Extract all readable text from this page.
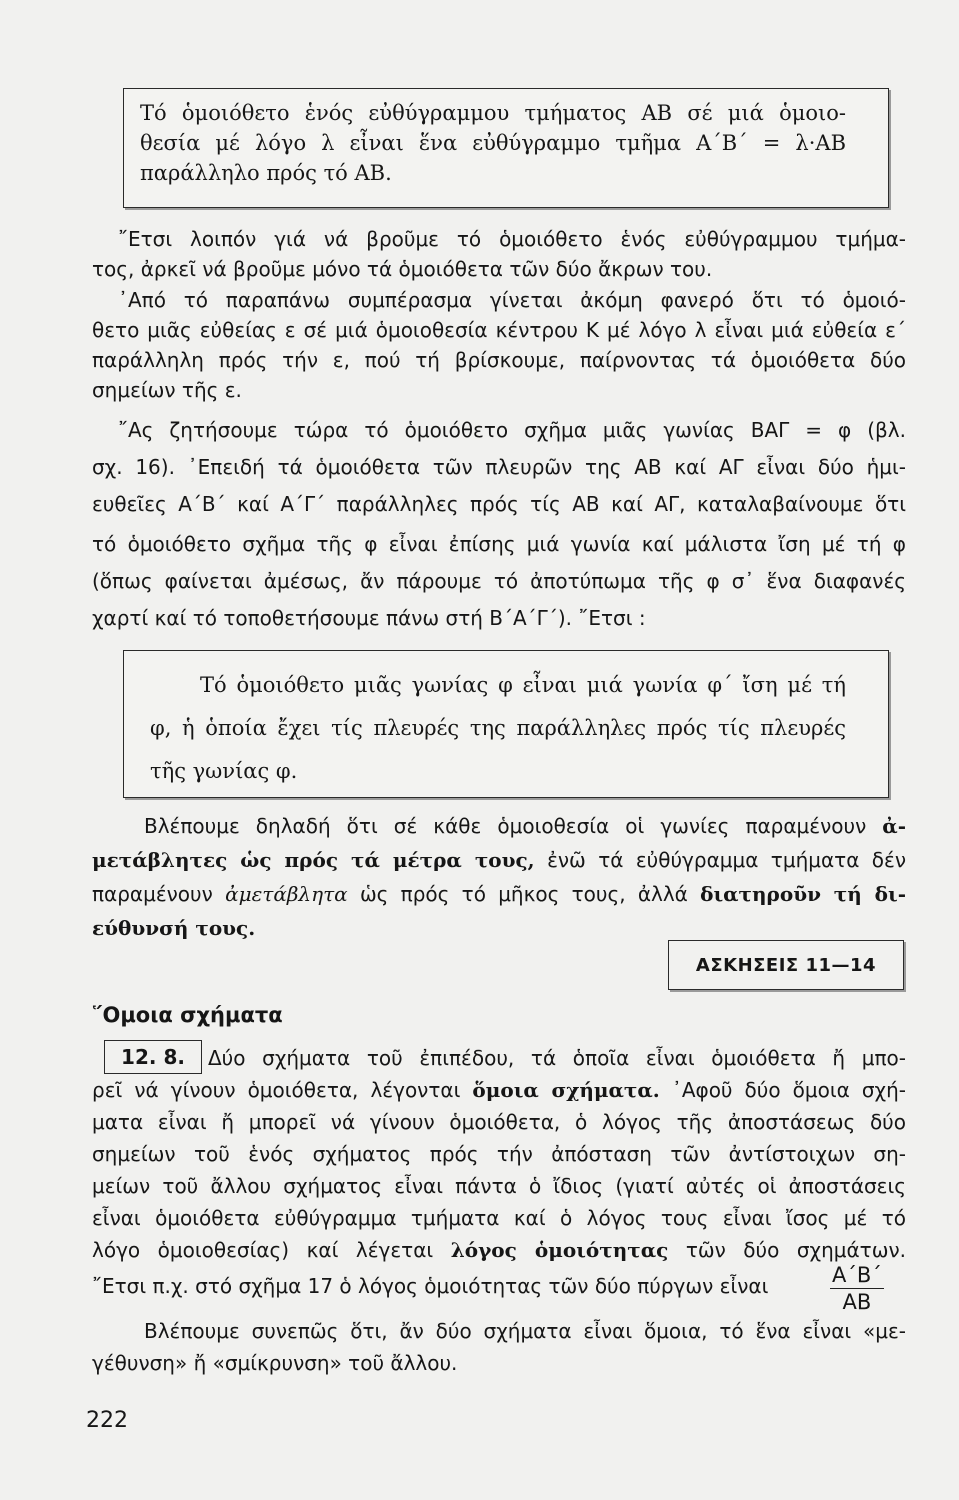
Τό ὁμοιόθετο ἑνός εὐθύγραμμου τμήματος ΑΒ σέ μιά ὁμοιο-

θεσία μέ λόγο λ εἶναι ἕνα εὐθύγραμμο τμῆμα Α΄Β΄ = λ·ΑΒ

παράλληλο πρός τό ΑΒ.

῎Ετσι λοιπόν γιά νά βροῦμε τό ὁμοιόθετο ἑνός εὐθύγραμμου τμήμα-

τος, ἀρκεῖ νά βροῦμε μόνο τά ὁμοιόθετα τῶν δύο ἄκρων του.

᾿Από τό παραπάνω συμπέρασμα γίνεται ἀκόμη φανερό ὅτι τό ὁμοιό-

θετο μιᾶς εὐθείας ε σέ μιά ὁμοιοθεσία κέντρου Κ μέ λόγο λ εἶναι μιά εὐθεία ε΄

παράλληλη πρός τήν ε, πού τή βρίσκουμε, παίρνοντας τά ὁμοιόθετα δύο

σημείων τῆς ε.

῎Ας ζητήσουμε τώρα τό ὁμοιόθετο σχῆμα μιᾶς γωνίας ΒΑΓ = φ (βλ.

σχ. 16). ᾿Επειδή τά ὁμοιόθετα τῶν πλευρῶν της ΑΒ καί ΑΓ εἶναι δύο ἡμι-

ευθεῖες Α΄Β΄ καί Α΄Γ΄ παράλληλες πρός τίς ΑΒ καί ΑΓ, καταλαβαίνουμε ὅτι

τό ὁμοιόθετο σχῆμα τῆς φ εἶναι ἐπίσης μιά γωνία καί μάλιστα ἴση μέ τή φ

(ὅπως φαίνεται ἀμέσως, ἄν πάρουμε τό ἀποτύπωμα τῆς φ σ᾿ ἕνα διαφανές

χαρτί καί τό τοποθετήσουμε πάνω στή Β΄Α΄Γ΄). ῎Ετσι :

Τό ὁμοιόθετο μιᾶς γωνίας φ εἶναι μιά γωνία φ΄ ἴση μέ τή

φ, ἡ ὁποία ἔχει τίς πλευρές της παράλληλες πρός τίς πλευρές

τῆς γωνίας φ.

Βλέπουμε δηλαδή ὅτι σέ κάθε ὁμοιοθεσία οἱ γωνίες παραμένουν ἀ-

μετάβλητες ὡς πρός τά μέτρα τους, ἐνῶ τά εὐθύγραμμα τμήματα δέν

παραμένουν ἀμετάβλητα ὡς πρός τό μῆκος τους, ἀλλά διατηροῦν τή δι-

εύθυνσή τους.

ΑΣΚΗΣΕΙΣ 11—14
῞Ομοια σχήματα
12. 8.	Δύο σχήματα τοῦ ἐπιπέδου, τά ὁποῖα εἶναι ὁμοιόθετα ἤ μπο-

ρεῖ νά γίνουν ὁμοιόθετα, λέγονται ὅμοια σχήματα. ᾿Αφοῦ δύο ὅμοια σχή-

ματα εἶναι ἤ μπορεῖ νά γίνουν ὁμοιόθετα, ὁ λόγος τῆς ἀποστάσεως δύο

σημείων τοῦ ἑνός σχήματος πρός τήν ἀπόσταση τῶν ἀντίστοιχων ση-

μείων τοῦ ἄλλου σχήματος εἶναι πάντα ὁ ἴδιος (γιατί αὐτές οἱ ἀποστάσεις

εἶναι ὁμοιόθετα εὐθύγραμμα τμήματα καί ὁ λόγος τους εἶναι ἴσος μέ τό

λόγο ὁμοιοθεσίας) καί λέγεται λόγος ὁμοιότητας τῶν δύο σχημάτων.

῎Ετσι π.χ. στό σχῆμα 17 ὁ λόγος ὁμοιότητας τῶν δύο πύργων εἶναι	$\frac{A΄B΄}{AB}$

Βλέπουμε συνεπῶς ὅτι, ἄν δύο σχήματα εἶναι ὅμοια, τό ἕνα εἶναι «με-

γέθυνση» ἤ «σμίκρυνση» τοῦ ἄλλου.

222
